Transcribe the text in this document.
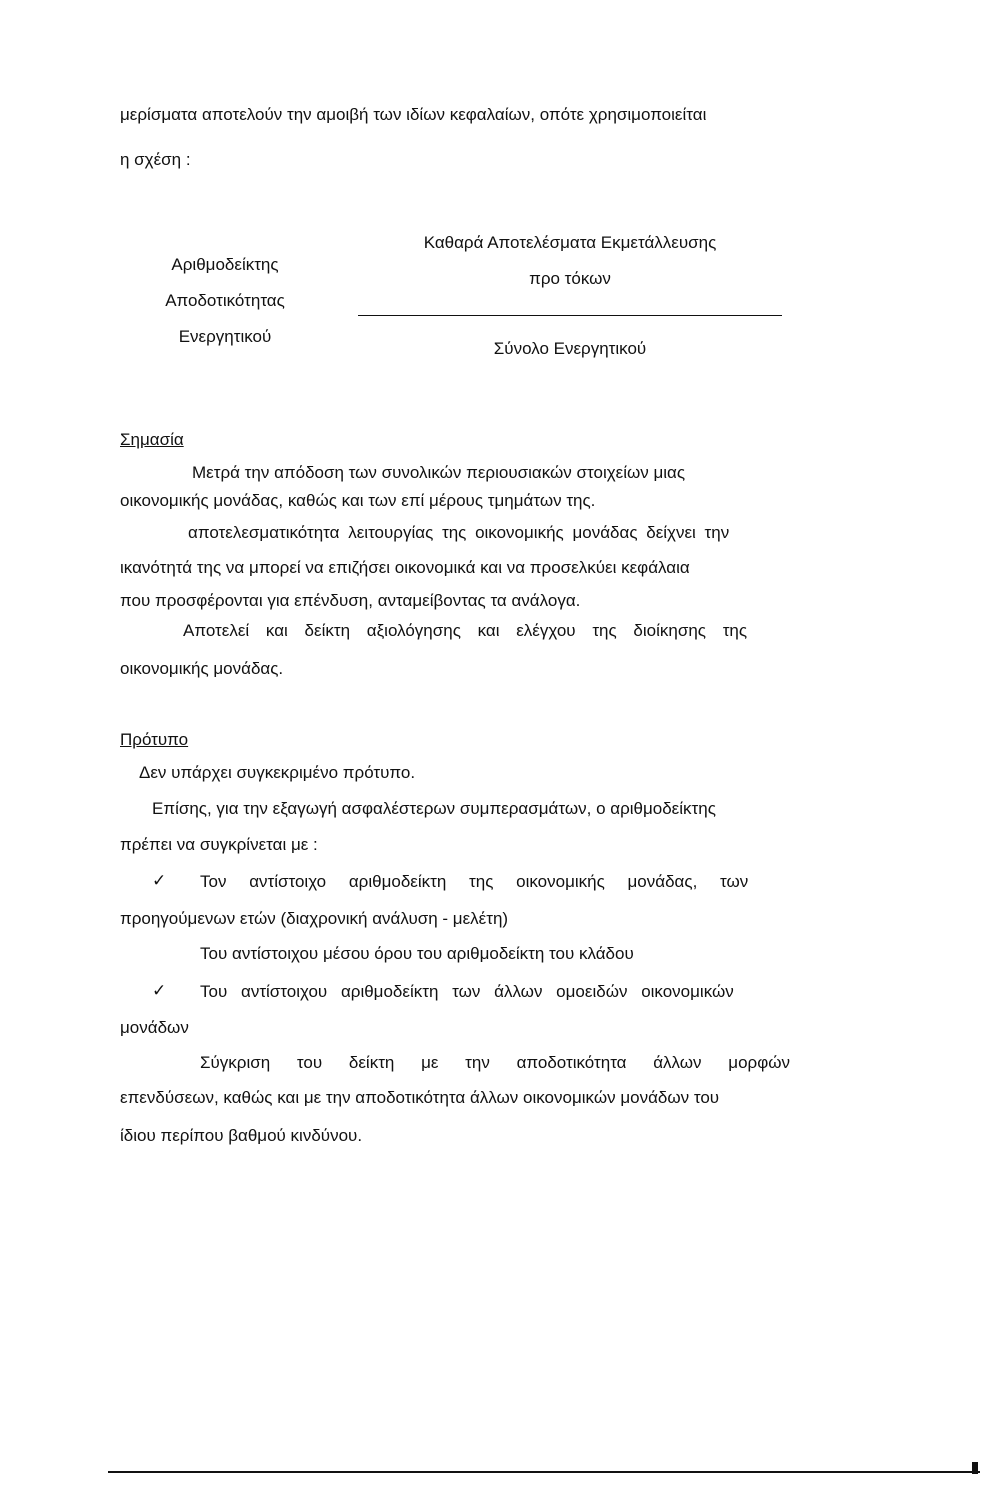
μερίσματα αποτελούν την αμοιβή των ιδίων κεφαλαίων, οπότε χρησιμοποιείται
η σχέση :
Αριθμοδείκτης
Αποδοτικότητας
Ενεργητικού
Καθαρά Αποτελέσματα Εκμετάλλευσης
προ τόκων
Σύνολο Ενεργητικού
Σημασία
Μετρά την απόδοση των συνολικών περιουσιακών στοιχείων μιας
οικονομικής μονάδας, καθώς και των επί μέρους τμημάτων της.
αποτελεσματικότητα λειτουργίας της οικονομικής μονάδας δείχνει την
ικανότητά της να μπορεί να επιζήσει οικονομικά και να προσελκύει κεφάλαια
που προσφέρονται για επένδυση, ανταμείβοντας τα ανάλογα.
Αποτελεί και δείκτη αξιολόγησης και ελέγχου της διοίκησης της
οικονομικής μονάδας.
Πρότυπο
Δεν υπάρχει συγκεκριμένο πρότυπο.
Επίσης, για την εξαγωγή ασφαλέστερων συμπερασμάτων, ο αριθμοδείκτης
πρέπει να συγκρίνεται με :
✓ Τον αντίστοιχο αριθμοδείκτη της οικονομικής μονάδας, των
προηγούμενων ετών (διαχρονική ανάλυση - μελέτη)
Του αντίστοιχου μέσου όρου του αριθμοδείκτη του κλάδου
✓ Του αντίστοιχου αριθμοδείκτη των άλλων ομοειδών οικονομικών
μονάδων
Σύγκριση του δείκτη με την αποδοτικότητα άλλων μορφών
επενδύσεων, καθώς και με την αποδοτικότητα άλλων οικονομικών μονάδων του
ίδιου περίπου βαθμού κινδύνου.
